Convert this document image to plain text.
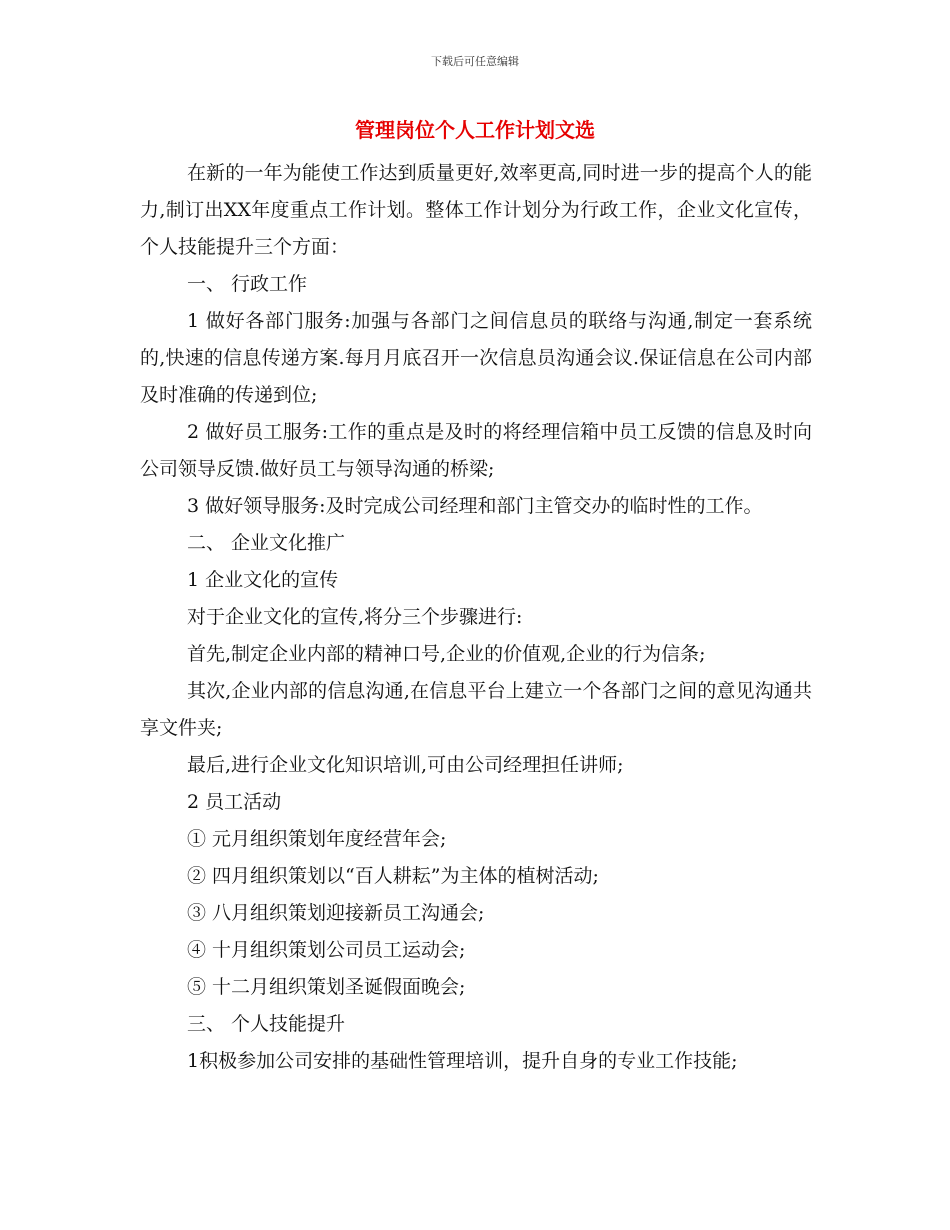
下载后可任意编辑
管理岗位个人工作计划文选

在新的一年为能使工作达到质量更好,效率更高,同时进一步的提高个人的能力,制订出XX年度重点工作计划。整体工作计划分为行政工作，企业文化宣传，个人技能提升三个方面：

一、 行政工作

1 做好各部门服务:加强与各部门之间信息员的联络与沟通,制定一套系统的,快速的信息传递方案.每月月底召开一次信息员沟通会议.保证信息在公司内部及时准确的传递到位;

2 做好员工服务:工作的重点是及时的将经理信箱中员工反馈的信息及时向公司领导反馈.做好员工与领导沟通的桥梁;

3 做好领导服务:及时完成公司经理和部门主管交办的临时性的工作。

二、 企业文化推广

1 企业文化的宣传

对于企业文化的宣传,将分三个步骤进行:

首先,制定企业内部的精神口号,企业的价值观,企业的行为信条;

其次,企业内部的信息沟通,在信息平台上建立一个各部门之间的意见沟通共享文件夹;

最后,进行企业文化知识培训,可由公司经理担任讲师;

2 员工活动

① 元月组织策划年度经营年会;

② 四月组织策划以“百人耕耘”为主体的植树活动;

③ 八月组织策划迎接新员工沟通会;

④ 十月组织策划公司员工运动会;

⑤ 十二月组织策划圣诞假面晚会;

三、 个人技能提升

1积极参加公司安排的基础性管理培训，提升自身的专业工作技能;
